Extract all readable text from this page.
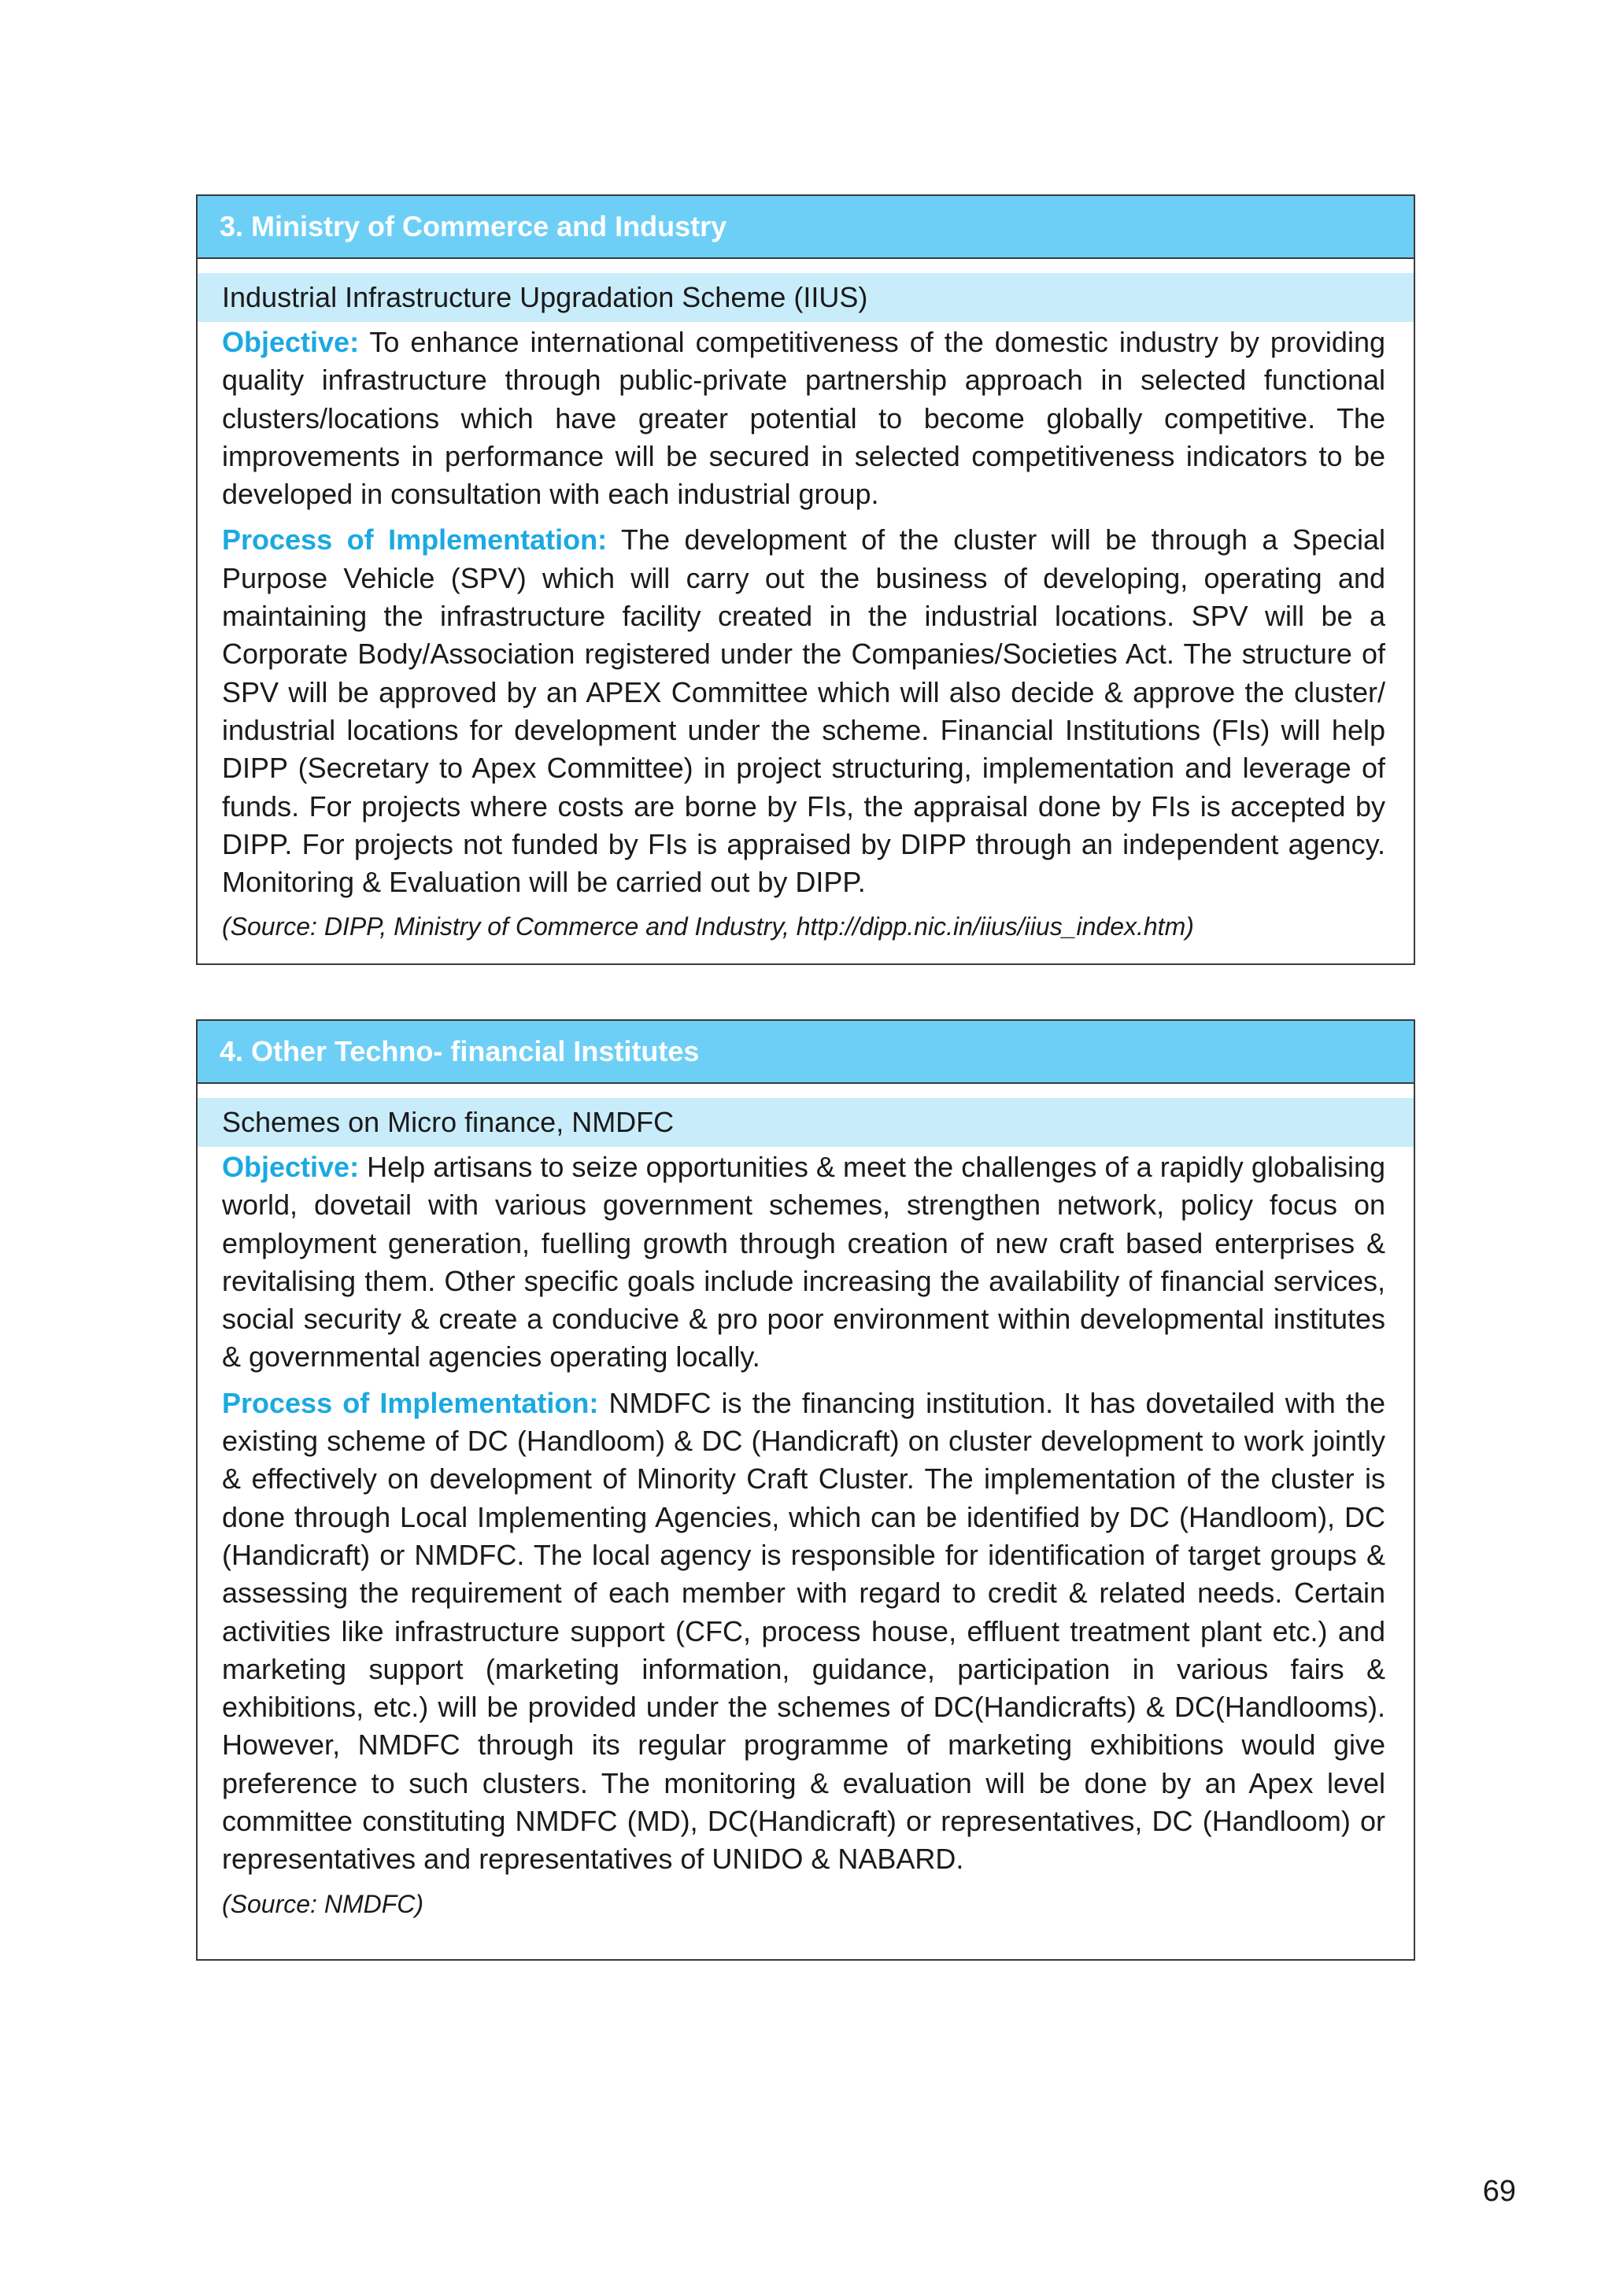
3. Ministry of Commerce and Industry
Industrial Infrastructure Upgradation Scheme (IIUS)

Objective: To enhance international competitiveness of the domestic industry by providing quality infrastructure through public-private partnership approach in selected functional clusters/locations which have greater potential to become globally competitive. The improvements in performance will be secured in selected competitiveness indicators to be developed in consultation with each industrial group.

Process of Implementation: The development of the cluster will be through a Special Purpose Vehicle (SPV) which will carry out the business of developing, operating and maintaining the infrastructure facility created in the industrial locations. SPV will be a Corporate Body/Association registered under the Companies/Societies Act. The structure of SPV will be approved by an APEX Committee which will also decide & approve the cluster/ industrial locations for development under the scheme. Financial Institutions (FIs) will help DIPP (Secretary to Apex Committee) in project structuring, implementation and leverage of funds. For projects where costs are borne by FIs, the appraisal done by FIs is accepted by DIPP. For projects not funded by FIs is appraised by DIPP through an independent agency. Monitoring & Evaluation will be carried out by DIPP.

(Source: DIPP, Ministry of Commerce and Industry, http://dipp.nic.in/iius/iius_index.htm)

4. Other Techno- financial Institutes
Schemes on Micro finance, NMDFC

Objective: Help artisans to seize opportunities & meet the challenges of a rapidly globalising world, dovetail with various government schemes, strengthen network, policy focus on employment generation, fuelling growth through creation of new craft based enterprises & revitalising them. Other specific goals include increasing the availability of financial services, social security & create a conducive & pro poor environment within developmental institutes & governmental agencies operating locally.

Process of Implementation: NMDFC is the financing institution. It has dovetailed with the existing scheme of DC (Handloom) & DC (Handicraft) on cluster development to work jointly & effectively on development of Minority Craft Cluster. The implementation of the cluster is done through Local Implementing Agencies, which can be identified by DC (Handloom), DC (Handicraft) or NMDFC. The local agency is responsible for identification of target groups & assessing the requirement of each member with regard to credit & related needs. Certain activities like infrastructure support (CFC, process house, effluent treatment plant etc.) and marketing support (marketing information, guidance, participation in various fairs & exhibitions, etc.) will be provided under the schemes of DC(Handicrafts) & DC(Handlooms). However, NMDFC through its regular programme of marketing exhibitions would give preference to such clusters. The monitoring & evaluation will be done by an Apex level committee constituting NMDFC (MD), DC(Handicraft) or representatives, DC (Handloom) or representatives and representatives of UNIDO & NABARD.

(Source: NMDFC)

69
